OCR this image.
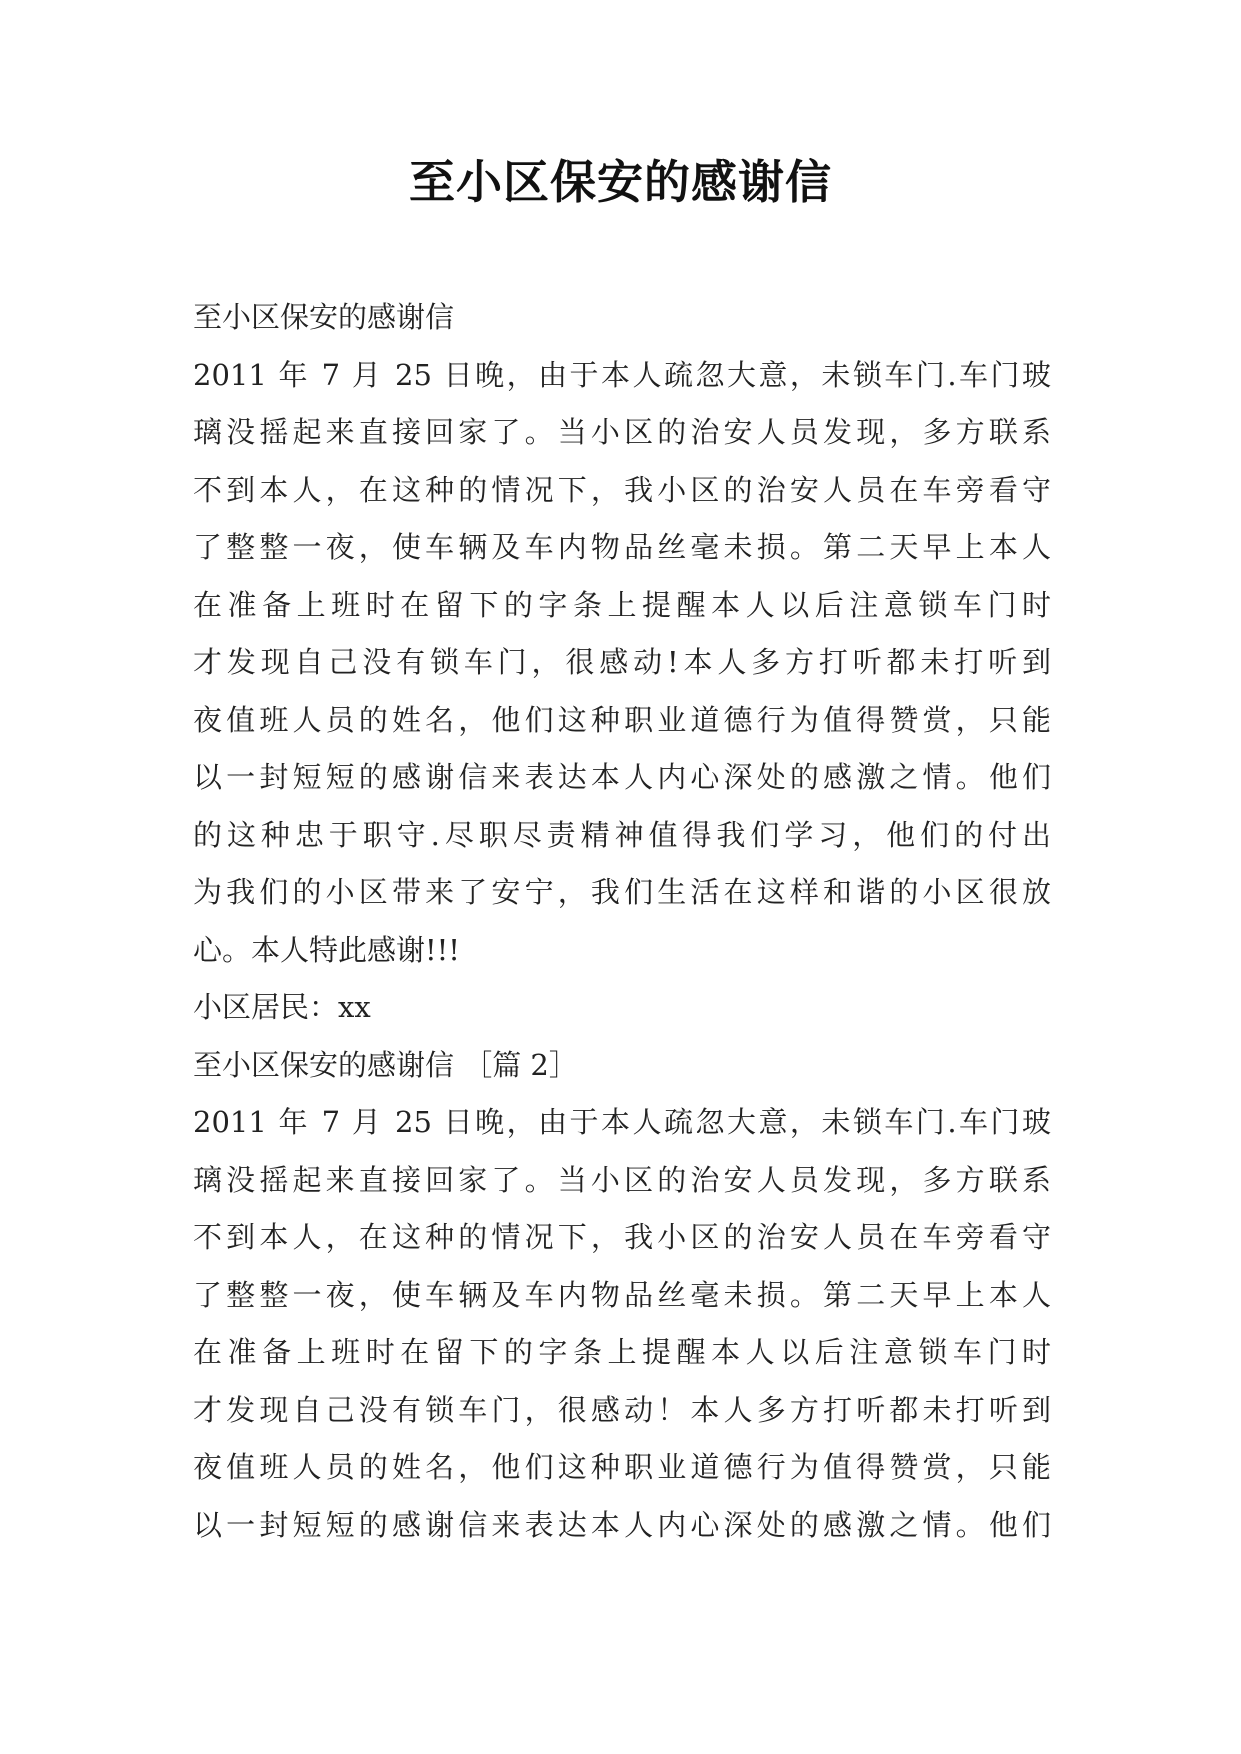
至小区保安的感谢信
至小区保安的感谢信
2011 年 7 月 25 日晚，由于本人疏忽大意，未锁车门.车门玻
璃没摇起来直接回家了。当小区的治安人员发现，多方联系
不到本人，在这种的情况下，我小区的治安人员在车旁看守
了整整一夜，使车辆及车内物品丝毫未损。第二天早上本人
在准备上班时在留下的字条上提醒本人以后注意锁车门时
才发现自己没有锁车门，很感动!本人多方打听都未打听到
夜值班人员的姓名，他们这种职业道德行为值得赞赏，只能
以一封短短的感谢信来表达本人内心深处的感激之情。他们
的这种忠于职守.尽职尽责精神值得我们学习，他们的付出
为我们的小区带来了安宁，我们生活在这样和谐的小区很放
心。本人特此感谢!!!
小区居民：xx
至小区保安的感谢信 ［篇 2］
2011 年 7 月 25 日晚，由于本人疏忽大意，未锁车门.车门玻
璃没摇起来直接回家了。当小区的治安人员发现，多方联系
不到本人，在这种的情况下，我小区的治安人员在车旁看守
了整整一夜，使车辆及车内物品丝毫未损。第二天早上本人
在准备上班时在留下的字条上提醒本人以后注意锁车门时
才发现自己没有锁车门，很感动！本人多方打听都未打听到
夜值班人员的姓名，他们这种职业道德行为值得赞赏，只能
以一封短短的感谢信来表达本人内心深处的感激之情。他们
